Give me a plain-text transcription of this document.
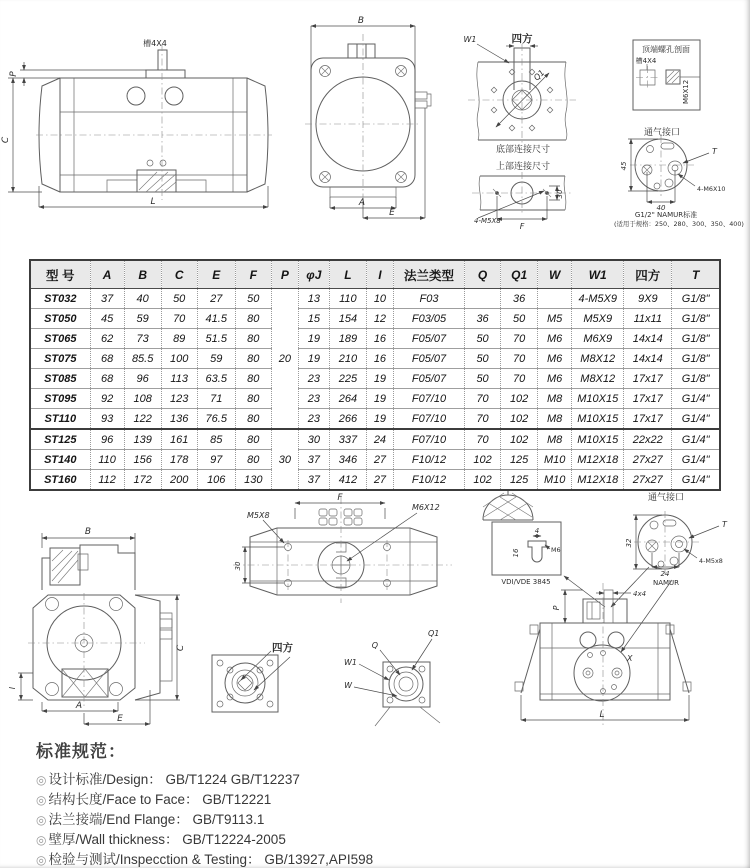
槽4X4
P
C
L
B
A
E
四方
W1
Q1
底部连接尺寸
上部连接尺寸
30
F
4-M5X8
顶端螺孔剖面
槽4X4
M6X12
通气接口
T
4-M6X10
45
40
G1/2" NAMUR标准
(适用于规格：250、280、300、350、400)
型 号	A	B	C	E	F	P	φJ	L	I	法兰类型	Q	Q1	W	W1	四方	T
ST032	37	40	50	27	50	20	13	110	10	F03		36		4-M5X9	9X9	G1/8"
ST050	45	59	70	41.5	80		15	154	12	F03/05	36	50	M5	M5X9	11x11	G1/8"
ST065	62	73	89	51.5	80		19	189	16	F05/07	50	70	M6	M6X9	14x14	G1/8"
ST075	68	85.5	100	59	80		19	210	16	F05/07	50	70	M6	M8X12	14x14	G1/8"
ST085	68	96	113	63.5	80		23	225	19	F05/07	50	70	M6	M8X12	17x17	G1/8"
ST095	92	108	123	71	80		23	264	19	F07/10	70	102	M8	M10X15	17x17	G1/4"
ST110	93	122	136	76.5	80		23	266	19	F07/10	70	102	M8	M10X15	17x17	G1/4"
ST125	96	139	161	85	80	30	30	337	24	F07/10	70	102	M8	M10X15	22x22	G1/4"
ST140	110	156	178	97	80		37	346	27	F10/12	102	125	M10	M12X18	27x27	G1/4"
ST160	112	172	200	106	130		37	412	27	F10/12	102	125	M10	M12X18	27x27	G1/4"
F
M5X8
M6X12
30
4
16	M6
VDI/VDE 3845
通气接口
T
4-M5x8
32
24
NAMUR
4x4
P
X
L
Q1
Q
W1
W
B
C
I
A
E
四方
标准规范：
◎ 设计标准/Design： GB/T1224 GB/T12237
◎ 结构长度/Face to Face： GB/T12221
◎ 法兰接端/End Flange： GB/T9113.1
◎ 壁厚/Wall thickness： GB/T12224-2005
◎ 检验与测试/Inspecction & Testing： GB/13927,API598
